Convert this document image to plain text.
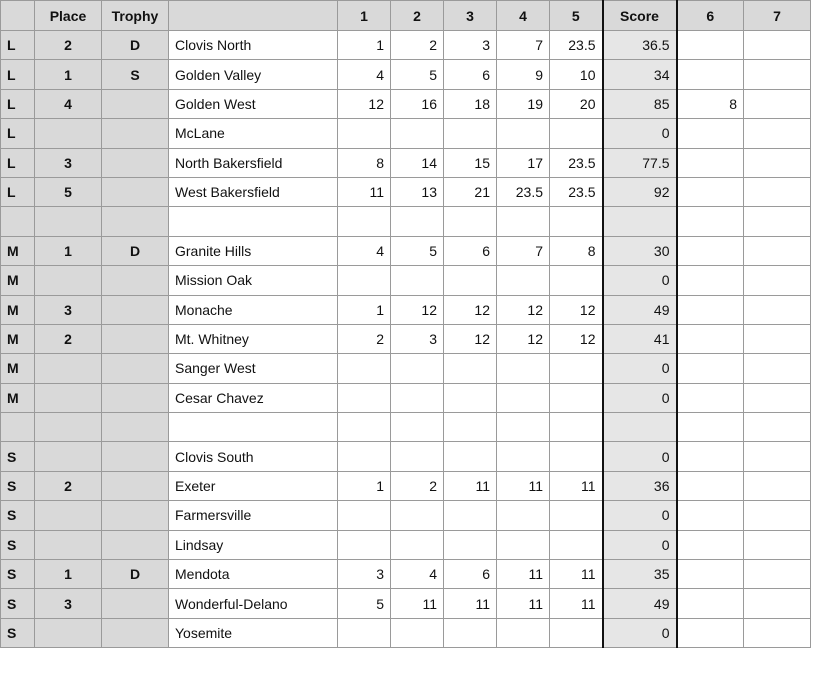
	Place	Trophy		1	2	3	4	5	Score	6	7
L	2	D	Clovis North	1	2	3	7	23.5	36.5		
L	1	S	Golden Valley	4	5	6	9	10	34		
L	4		Golden West	12	16	18	19	20	85	8	
L			McLane						0		
L	3		North Bakersfield	8	14	15	17	23.5	77.5		
L	5		West Bakersfield	11	13	21	23.5	23.5	92		

M	1	D	Granite Hills	4	5	6	7	8	30		
M			Mission Oak						0		
M	3		Monache	1	12	12	12	12	49		
M	2		Mt. Whitney	2	3	12	12	12	41		
M			Sanger West						0		
M			Cesar Chavez						0		

S			Clovis South						0		
S	2		Exeter	1	2	11	11	11	36		
S			Farmersville						0		
S			Lindsay						0		
S	1	D	Mendota	3	4	6	11	11	35		
S	3		Wonderful-Delano	5	11	11	11	11	49		
S			Yosemite						0		
